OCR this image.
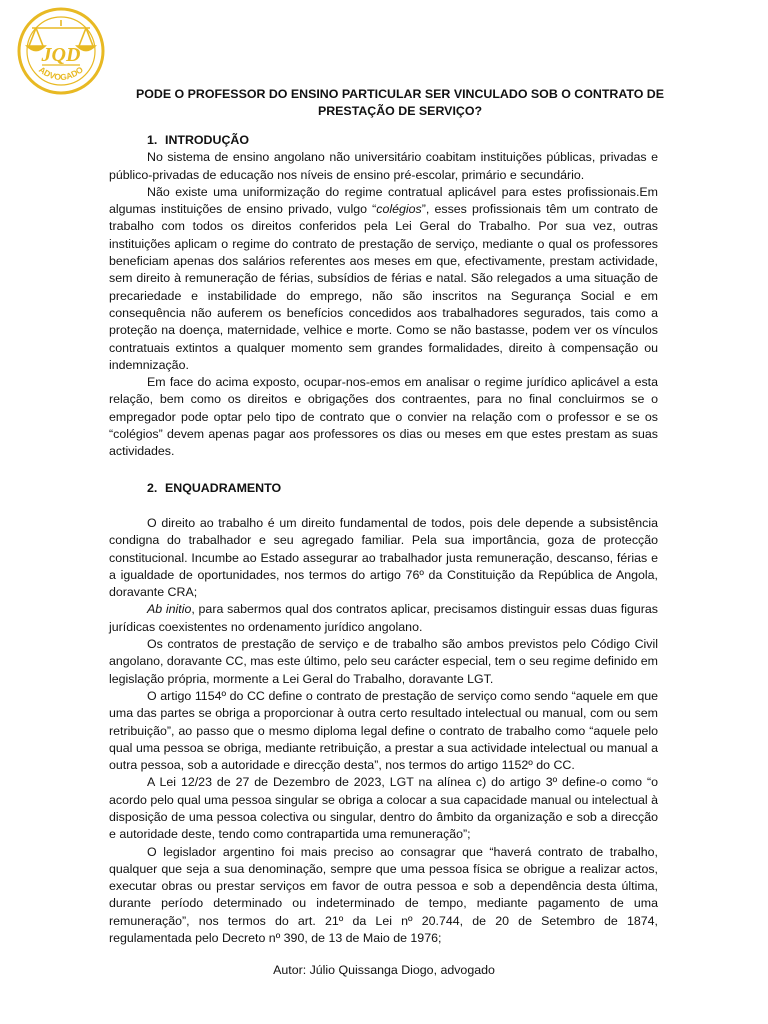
JQD
ADVOGADO
PODE O PROFESSOR DO ENSINO PARTICULAR SER VINCULADO SOB O CONTRATO DE
PRESTAÇÃO DE SERVIÇO?
1. INTRODUÇÃO

No sistema de ensino angolano não universitário coabitam instituições públicas, privadas e público-privadas de educação nos níveis de ensino pré-escolar, primário e secundário.

Não existe uma uniformização do regime contratual aplicável para estes profissionais.Em algumas instituições de ensino privado, vulgo “colégios”, esses profissionais têm um contrato de trabalho com todos os direitos conferidos pela Lei Geral do Trabalho. Por sua vez, outras instituições aplicam o regime do contrato de prestação de serviço, mediante o qual os professores beneficiam apenas dos salários referentes aos meses em que, efectivamente, prestam actividade, sem direito à remuneração de férias, subsídios de férias e natal. São relegados a uma situação de precariedade e instabilidade do emprego, não são inscritos na Segurança Social e em consequência não auferem os benefícios concedidos aos trabalhadores segurados, tais como a proteção na doença, maternidade, velhice e morte. Como se não bastasse, podem ver os vínculos contratuais extintos a qualquer momento sem grandes formalidades, direito à compensação ou indemnização.

Em face do acima exposto, ocupar-nos-emos em analisar o regime jurídico aplicável a esta relação, bem como os direitos e obrigações dos contraentes, para no final concluirmos se o empregador pode optar pelo tipo de contrato que o convier na relação com o professor e se os “colégios” devem apenas pagar aos professores os dias ou meses em que estes prestam as suas actividades.

2. ENQUADRAMENTO

O direito ao trabalho é um direito fundamental de todos, pois dele depende a subsistência condigna do trabalhador e seu agregado familiar. Pela sua importância, goza de protecção constitucional. Incumbe ao Estado assegurar ao trabalhador justa remuneração, descanso, férias e a igualdade de oportunidades, nos termos do artigo 76º da Constituição da República de Angola, doravante CRA;

Ab initio, para sabermos qual dos contratos aplicar, precisamos distinguir essas duas figuras jurídicas coexistentes no ordenamento jurídico angolano.

Os contratos de prestação de serviço e de trabalho são ambos previstos pelo Código Civil angolano, doravante CC, mas este último, pelo seu carácter especial, tem o seu regime definido em legislação própria, mormente a Lei Geral do Trabalho, doravante LGT.

O artigo 1154º do CC define o contrato de prestação de serviço como sendo “aquele em que uma das partes se obriga a proporcionar à outra certo resultado intelectual ou manual, com ou sem retribuição”, ao passo que o mesmo diploma legal define o contrato de trabalho como “aquele pelo qual uma pessoa se obriga, mediante retribuição, a prestar a sua actividade intelectual ou manual a outra pessoa, sob a autoridade e direcção desta”, nos termos do artigo 1152º do CC.

A Lei 12/23 de 27 de Dezembro de 2023, LGT na alínea c) do artigo 3º define-o como “o acordo pelo qual uma pessoa singular se obriga a colocar a sua capacidade manual ou intelectual à disposição de uma pessoa colectiva ou singular, dentro do âmbito da organização e sob a direcção e autoridade deste, tendo como contrapartida uma remuneração”;

O legislador argentino foi mais preciso ao consagrar que “haverá contrato de trabalho, qualquer que seja a sua denominação, sempre que uma pessoa física se obrigue a realizar actos, executar obras ou prestar serviços em favor de outra pessoa e sob a dependência desta última, durante período determinado ou indeterminado de tempo, mediante pagamento de uma remuneração”, nos termos do art. 21º da Lei nº 20.744, de 20 de Setembro de 1874, regulamentada pelo Decreto nº 390, de 13 de Maio de 1976;

Autor: Júlio Quissanga Diogo, advogado
